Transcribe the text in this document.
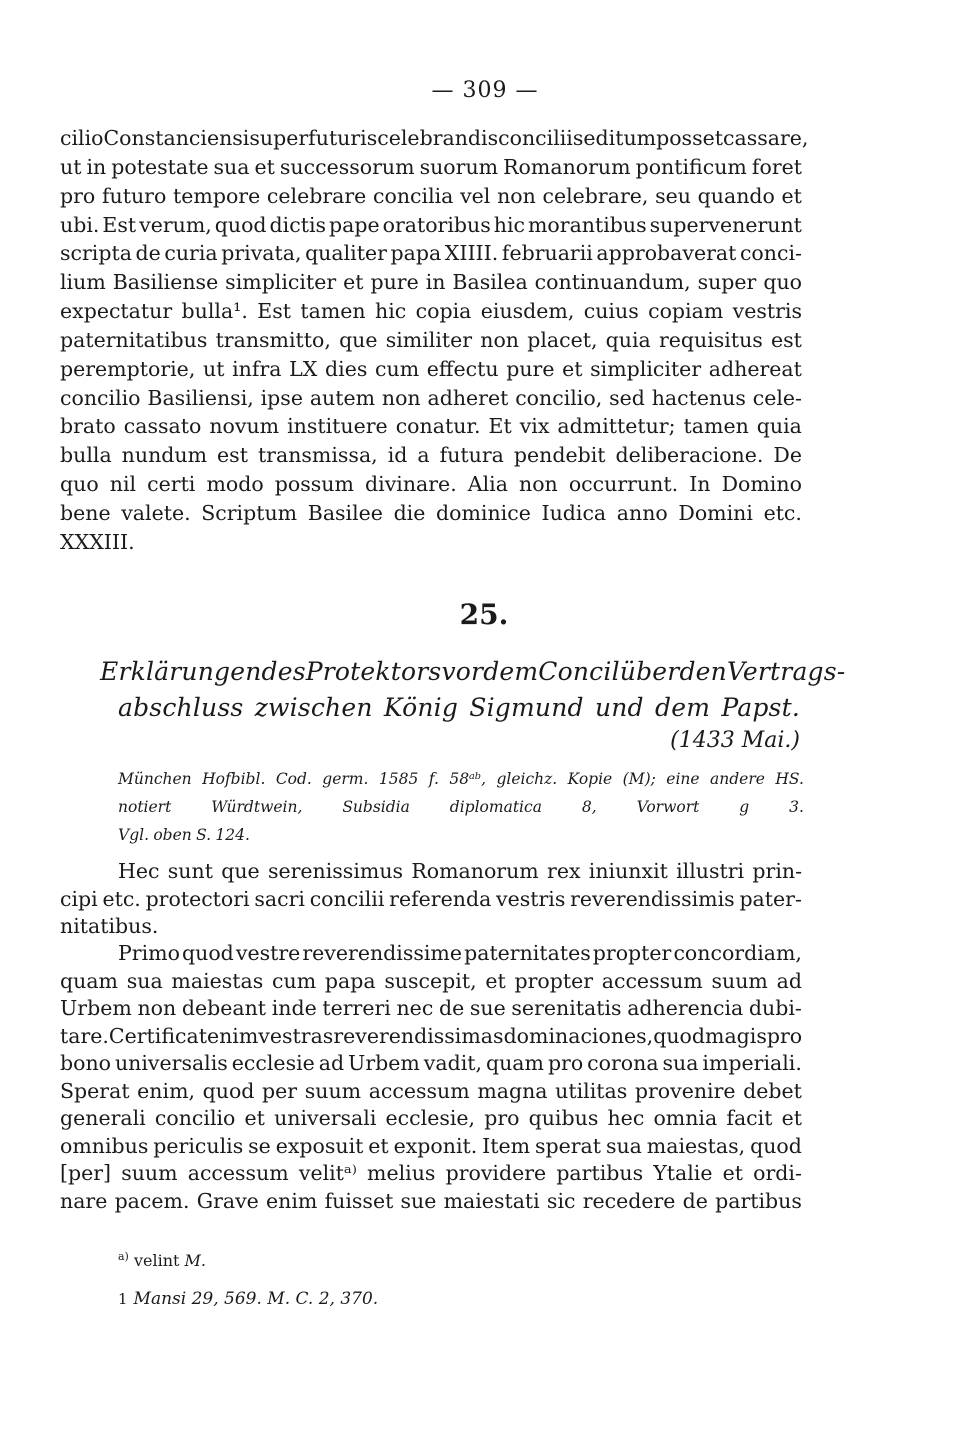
— 309 —
cilio Constanciensi super futuris celebrandis conciliis editum posset cassare,
ut in potestate sua et successorum suorum Romanorum pontificum foret
pro futuro tempore celebrare concilia vel non celebrare, seu quando et
ubi. Est verum, quod dictis pape oratoribus hic morantibus supervenerunt
scripta de curia privata, qualiter papa XIIII. februarii approbaverat conci-
lium Basiliense simpliciter et pure in Basilea continuandum, super quo
expectatur bulla¹. Est tamen hic copia eiusdem, cuius copiam vestris
paternitatibus transmitto, que similiter non placet, quia requisitus est
peremptorie, ut infra LX dies cum effectu pure et simpliciter adhereat
concilio Basiliensi, ipse autem non adheret concilio, sed hactenus cele-
brato cassato novum instituere conatur. Et vix admittetur; tamen quia
bulla nundum est transmissa, id a futura pendebit deliberacione. De
quo nil certi modo possum divinare. Alia non occurrunt. In Domino
bene valete. Scriptum Basilee die dominice Iudica anno Domini etc.
XXXIII.
25.
Erklärungen des Protektors vor dem Concil über den Vertrags-
abschluss zwischen König Sigmund und dem Papst.
(1433 Mai.)
München Hofbibl. Cod. germ. 1585 f. 58ᵃᵇ, gleichz. Kopie (M); eine andere HS.
notiert	Würdtwein,	Subsidia	diplomatica	8,	Vorwort	g	3.
Vgl. oben S. 124.
Hec sunt que serenissimus Romanorum rex iniunxit illustri prin-
cipi etc. protectori sacri concilii referenda vestris reverendissimis pater-
nitatibus.
Primo quod vestre reverendissime paternitates propter concordiam,
quam sua maiestas cum papa suscepit, et propter accessum suum ad
Urbem non debeant inde terreri nec de sue serenitatis adherencia dubi-
tare. Certificat enim vestras reverendissimas dominaciones, quod magis pro
bono universalis ecclesie ad Urbem vadit, quam pro corona sua imperiali.
Sperat enim, quod per suum accessum magna utilitas provenire debet
generali concilio et universali ecclesie, pro quibus hec omnia facit et
omnibus periculis se exposuit et exponit. Item sperat sua maiestas, quod
[per] suum accessum velitᵃ⁾ melius providere partibus Ytalie et ordi-
nare pacem. Grave enim fuisset sue maiestati sic recedere de partibus
$^{a)}$ velint M.
1 Mansi 29, 569. M. C. 2, 370.
